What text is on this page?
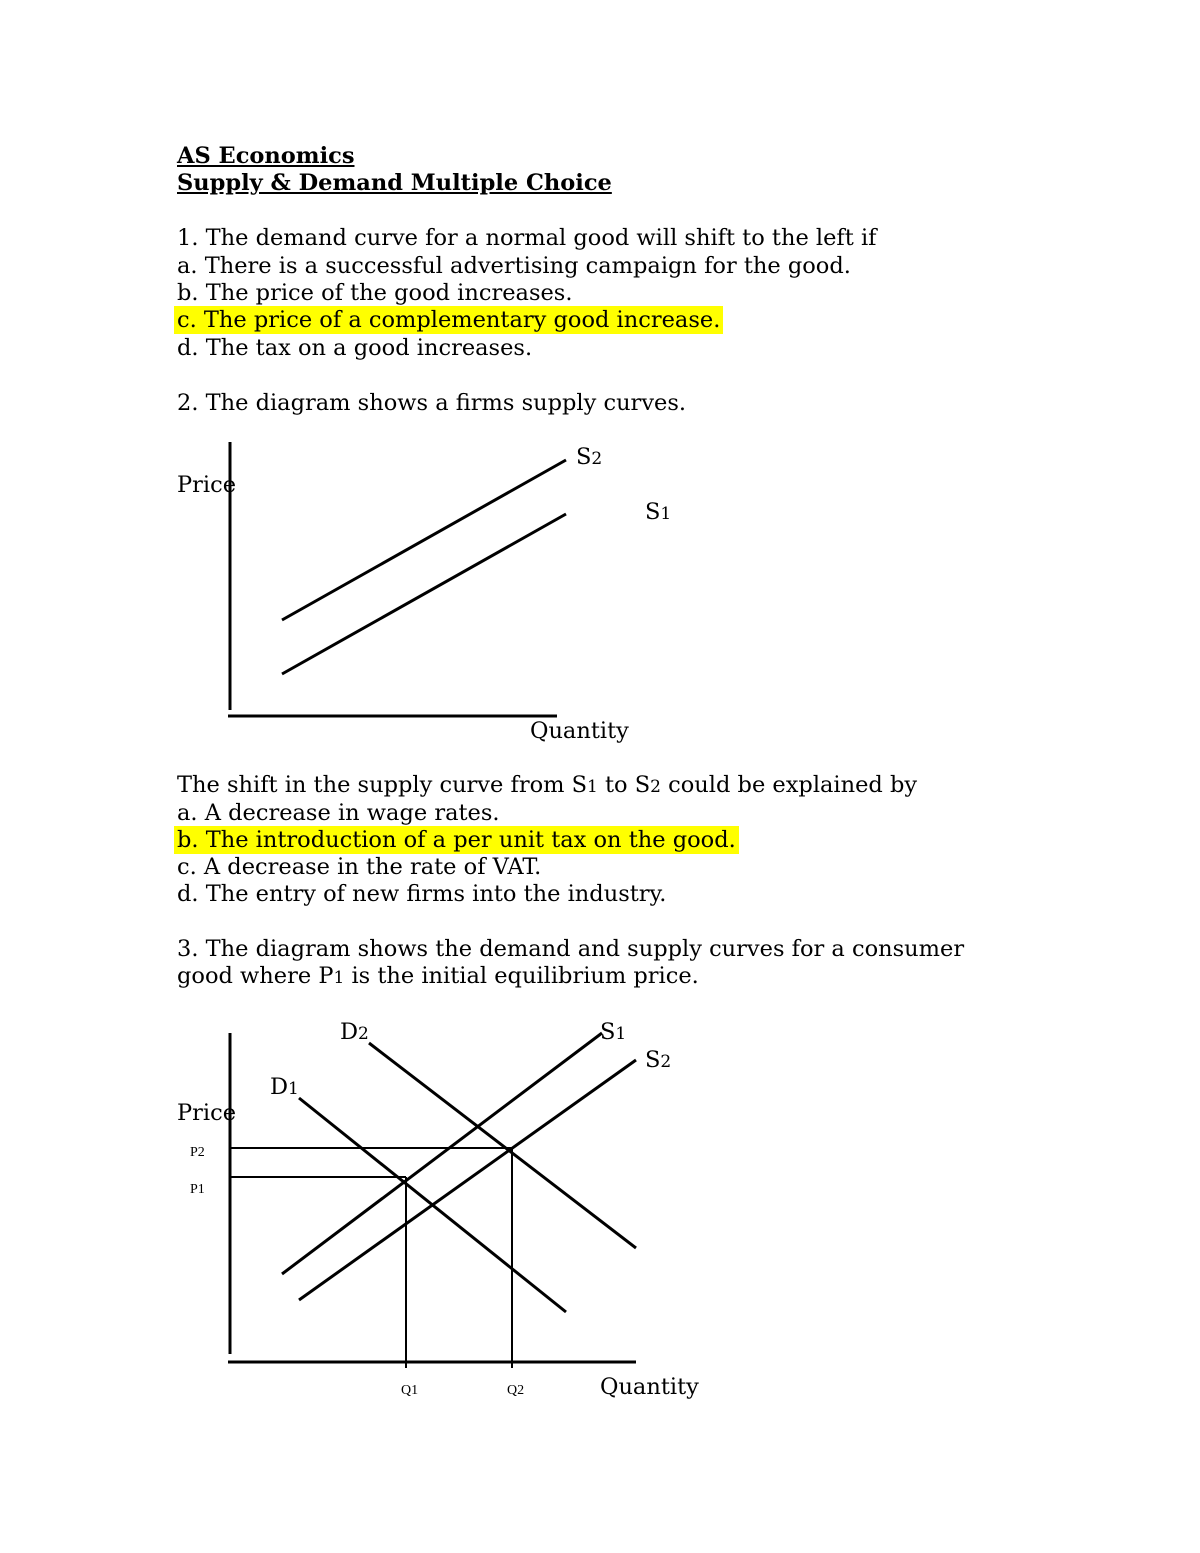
AS Economics
Supply & Demand Multiple Choice
1. The demand curve for a normal good will shift to the left if
a. There is a successful advertising campaign for the good.
b. The price of the good increases.
c. The price of a complementary good increase.
d. The tax on a good increases.
2. The diagram shows a firms supply curves.
S2
Price
S1
Quantity
The shift in the supply curve from S1 to S2 could be explained by
a. A decrease in wage rates.
b. The introduction of a per unit tax on the good.
c. A decrease in the rate of VAT.
d. The entry of new firms into the industry.
3. The diagram shows the demand and supply curves for a consumer
good where P1 is the initial equilibrium price.
D2	S1
S2
D1
Price
P2
P1
Q1	Q2	Quantity
